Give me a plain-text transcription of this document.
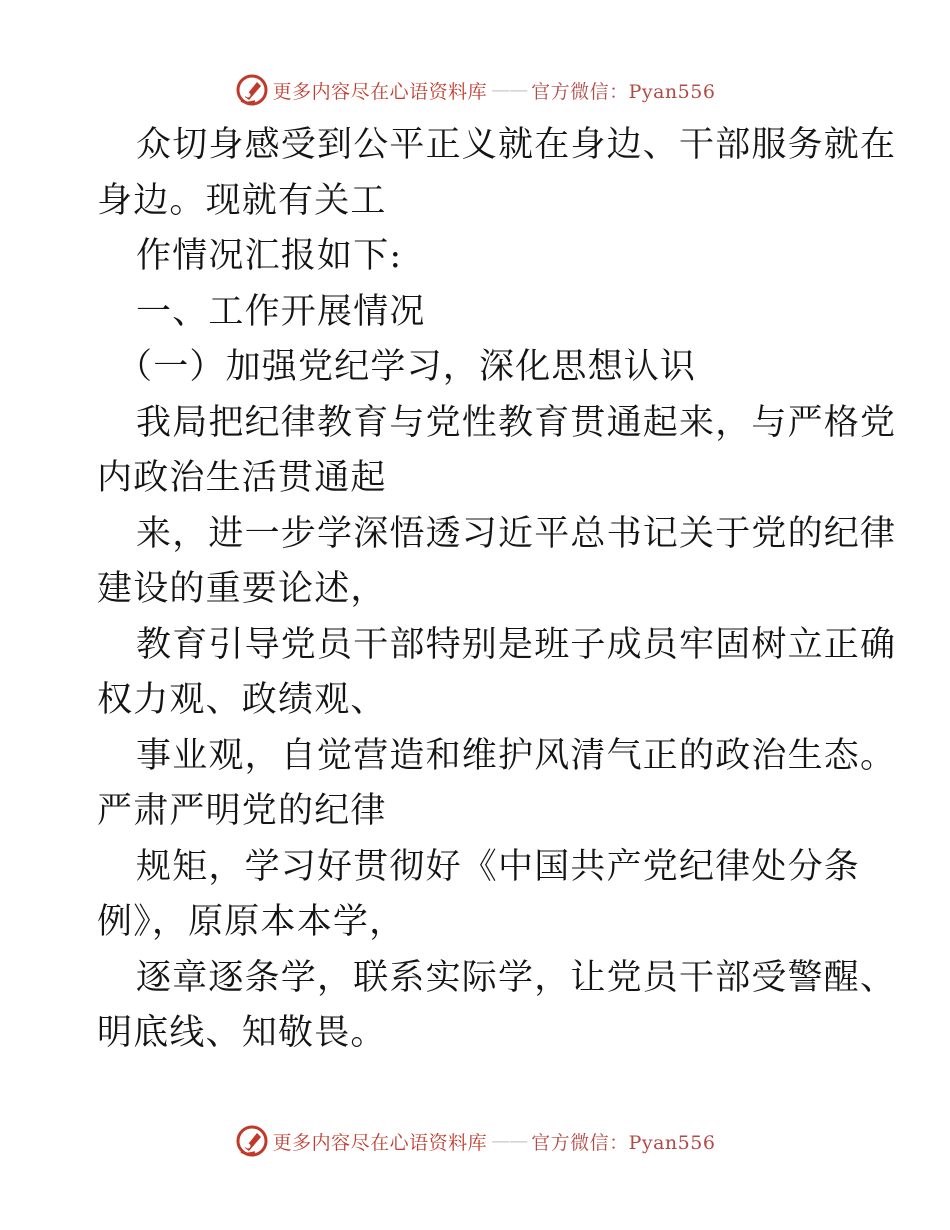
更多内容尽在心语资料库 —— 官方微信：Pyan556

众切身感受到公平正义就在身边、干部服务就在

身边。现就有关工

作情况汇报如下:

一、工作开展情况

（一）加强党纪学习，深化思想认识

我局把纪律教育与党性教育贯通起来，与严格党

内政治生活贯通起

来，进一步学深悟透习近平总书记关于党的纪律

建设的重要论述，

教育引导党员干部特别是班子成员牢固树立正确

权力观、政绩观、

事业观，自觉营造和维护风清气正的政治生态。

严肃严明党的纪律

规矩，学习好贯彻好《中国共产党纪律处分条

例》，原原本本学，

逐章逐条学，联系实际学，让党员干部受警醒、

明底线、知敬畏。

更多内容尽在心语资料库 —— 官方微信：Pyan556
